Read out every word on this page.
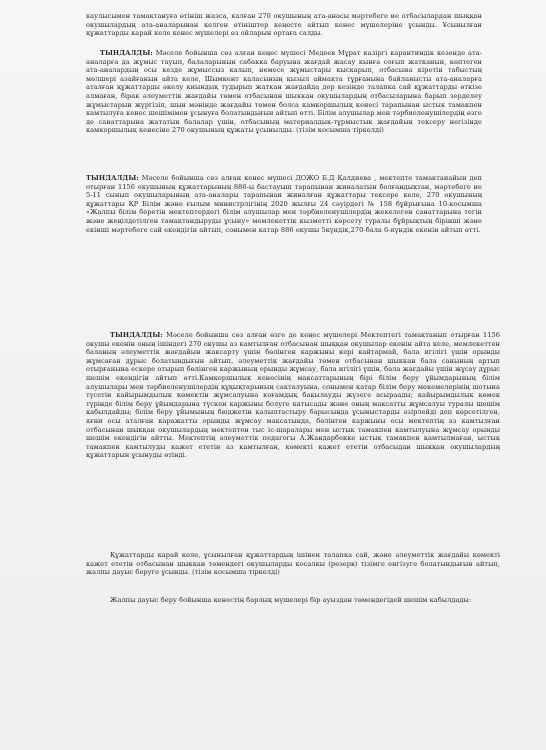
каулысымен тамактануға өтініш жазса, калған 270 окушының ата-анасы мәртебеге ие отбасылардан шыққан окушылардың ата-аналарынан келген өтініштер кеңесте айтып кенес мүшелеріне ұсынды. Ұсынылған құжаттарды карай келе кенес мүшелері өз ойларын ортаға салды.
ТЫНДАЛДЫ: Мәселе бойынша сөз алған кеңес мүшесі Медеев Мұрат казіргі карантиндік кезенде ата-аналарға да жұмыс тауып, балаларынын сабакка баруына жағдай жасау кынға соғып жатканын, көптеген ата-аналардың осы кезде жұмыссыз калып, немесе жұмыстары кыскарып, отбасына кіретін табыстың мөлшері азайғанын айта келе, Шымкент каласының кызыл аймакта тұрғанына байланысты ата-аналарға аталған құжаттарды әкелу киындық тудырып жаткан жағдайда дер кезінде талапка сай құжаттарды өткізе алмаған, бірак әлеуметтік жағдайы төмен отбасынан шыккан окушылардың отбасыларына барып зерделеу жұмыстарын жүргізіп, шын мәнінде жағдайы төмен болса камкоршылық кенесі тарапынан ыстык тамакпен камтылуға кенес шешімімен ұсынуға болатындығын айтып өтті. Білім алушылар мен тәрбиеленушілердің өзге де санаттарына жататын балалар үшін, отбасының материалдык-тұрмыстык жағдайын тексеру негізінде камкоршылық кенесіне 270 окушының құжаты ұсынылды. (тізім косымша тіркелді)
ТЫНДАЛДЫ: Мәселе бойынша сөз алған кенес мүшесі ДОЖО Б.Д Қалдиева , мектепте тамактанайын деп отырған 1156 окушының құжаттарының 886-ы бастауыш тарапынан жиналатын болғандыктан, мәртебеге ие 5-11 сынып окушыларының ата-аналары тарапынан жиналған құжаттары тексере келе, 270 окушының құжаттары ҚР Білім және ғылым министрлігінің 2020 жылғы 24 сәуірдегі № 158 бұйрығына 10-косымша «Жалпы білім беретін мектептердегі білім алушылар мен тәрбиеленушілердің жекелеген санаттарына тегін және жеңілдетілген тамактандыруды ұсыну» мемлекеттік кызметті көрсету туралы бұйрықтың бірінші және екінші мәртебеге сай екендігін айтып, сонымен катар 886 окушы 5күндік,270-бала 6-күндік екенін айтып өтті.
ТЫНДАЛДЫ: Мәселе бойынша сөз алған өзге де кеңес мүшелері Мектептегі тамактанып отырған 1156 окушы екенін оның ішіндегі 270 окушы аз камтылған отбасынан шыққан окушылар екенін айта келе, мемлекеттен баланың әлеуметтік жағдайын жаксарту үшін бөлінген каржыны кері кайтармай, бала игілігі үшін орынды жұмсаған дұрыс болатындығын айтып, әлеуметтік жағдайы төмен отбасынан шыккан бала санының артып отырғанына ескере отырып бөлінген каржының орынды жұмсау, бала игілігі үшін, бала жағдайы үшін жұсау дұрыс шешім екендігін айтып өтті.Камкоршылык кенесінің максаттарының бірі білім беру ұйымдарының білім алушылары мен тәрбиеленушілердің құқықтарының сакталуына, сонымен катар білім беру мекемелерінің шотына түсетін кайырымдылык көмектін жұмсалуына коғамдық бакылауды жүзеге асыраады; кайырымдылык көмек түрінде білім беру ұйымдарына түскен каржыны болуге катысады және оның максатты жұмсалуы туралы шешім кабылдайды; білім беру ұйымының бюджетін калыптастыру барысында ұсыныстарды әзірлейді деп көрсетілген, яғни осы аталған каражатты орынды жұмсау максатында, бөлінген каржыны осы мектептің аз камтылған отбасынан шыкқан окушылардың мектептен тыс іс-шаралары мен ыстык тамакпен камтылуына жұмсау орынды шешім екендігін айтты. Мектептің әлеуметтік педагогы А.Жандарбекке ыстык тамакпен камтылмаған, ыстык тамакпен камтылуды кажет ететін аз камтылған, көмекті кажет ететін отбасыдан шыкқан окушылардың құжаттарын ұсынуды өтінді.
Құжаттарды карай келе, ұсынылған құжаттардың ішінен талапка сай, және әлеуметтік жағдайы көмекті кажет ететін отбасынан шыккан төмендегі окушыларды косалкы (резерв) тізімге енгізуге болатындығын айтып, жалпы дауыс беруге ұсынды. (тізім косымша тіркелді)
Жалпы дауыс беру бойынша кенестің барлық мүшелері бір ауыздан төмендегідей шешім кабылдады:
